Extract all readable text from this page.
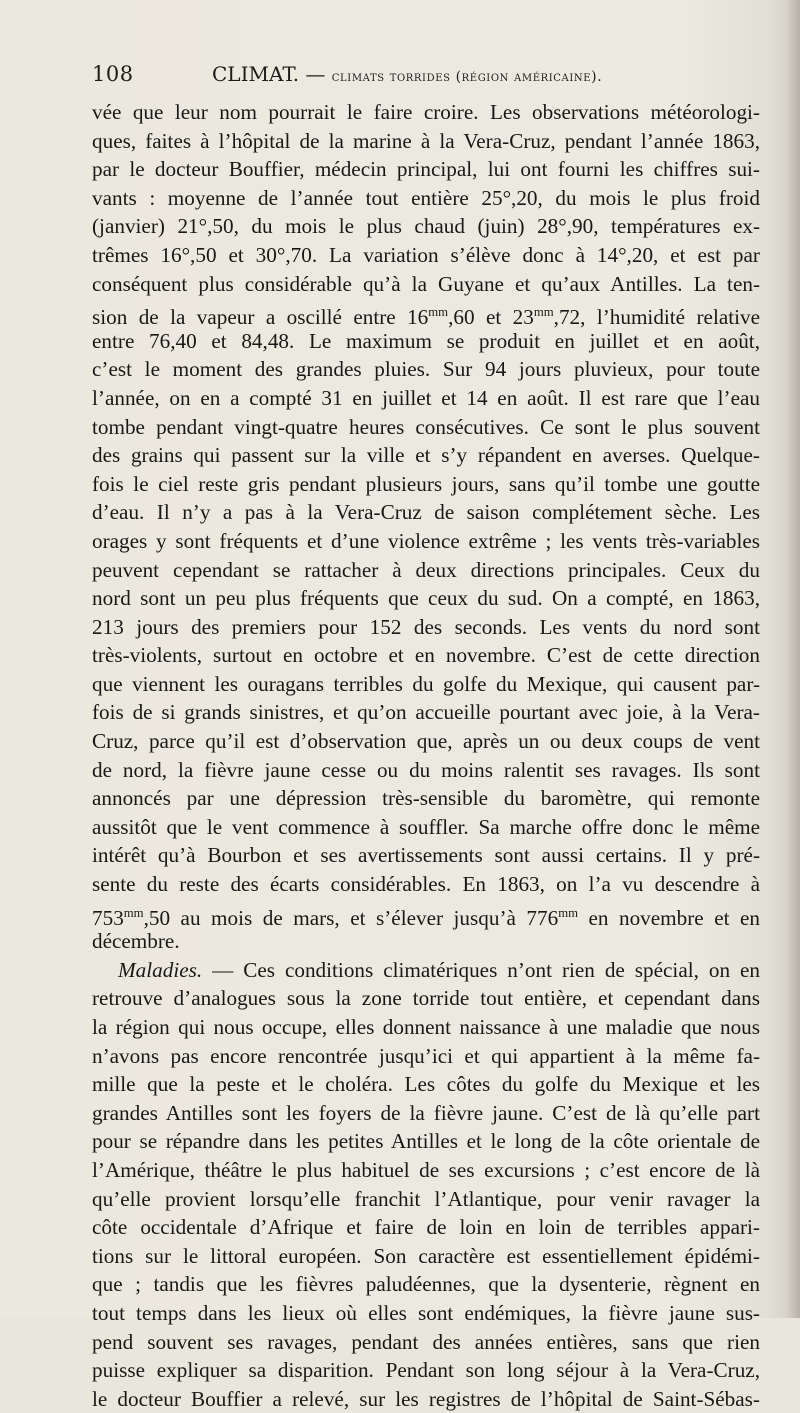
108	CLIMAT. — climats torrides (région américaine).
vée que leur nom pourrait le faire croire. Les observations météorologi-
ques, faites à l’hôpital de la marine à la Vera-Cruz, pendant l’année 1863,
par le docteur Bouffier, médecin principal, lui ont fourni les chiffres sui-
vants : moyenne de l’année tout entière 25°,20, du mois le plus froid
(janvier) 21°,50, du mois le plus chaud (juin) 28°,90, températures ex-
trêmes 16°,50 et 30°,70. La variation s’élève donc à 14°,20, et est par
conséquent plus considérable qu’à la Guyane et qu’aux Antilles. La ten-
sion de la vapeur a oscillé entre $16^{mm},60$ et $23^{mm},72$, l’humidité relative
entre 76,40 et 84,48. Le maximum se produit en juillet et en août,
c’est le moment des grandes pluies. Sur 94 jours pluvieux, pour toute
l’année, on en a compté 31 en juillet et 14 en août. Il est rare que l’eau
tombe pendant vingt-quatre heures consécutives. Ce sont le plus souvent
des grains qui passent sur la ville et s’y répandent en averses. Quelque-
fois le ciel reste gris pendant plusieurs jours, sans qu’il tombe une goutte
d’eau. Il n’y a pas à la Vera-Cruz de saison complétement sèche. Les
orages y sont fréquents et d’une violence extrême ; les vents très-variables
peuvent cependant se rattacher à deux directions principales. Ceux du
nord sont un peu plus fréquents que ceux du sud. On a compté, en 1863,
213 jours des premiers pour 152 des seconds. Les vents du nord sont
très-violents, surtout en octobre et en novembre. C’est de cette direction
que viennent les ouragans terribles du golfe du Mexique, qui causent par-
fois de si grands sinistres, et qu’on accueille pourtant avec joie, à la Vera-
Cruz, parce qu’il est d’observation que, après un ou deux coups de vent
de nord, la fièvre jaune cesse ou du moins ralentit ses ravages. Ils sont
annoncés par une dépression très-sensible du baromètre, qui remonte
aussitôt que le vent commence à souffler. Sa marche offre donc le même
intérêt qu’à Bourbon et ses avertissements sont aussi certains. Il y pré-
sente du reste des écarts considérables. En 1863, on l’a vu descendre à
$753^{mm},50$ au mois de mars, et s’élever jusqu’à $776^{mm}$ en novembre et en
décembre.
Maladies. — Ces conditions climatériques n’ont rien de spécial, on en
retrouve d’analogues sous la zone torride tout entière, et cependant dans
la région qui nous occupe, elles donnent naissance à une maladie que nous
n’avons pas encore rencontrée jusqu’ici et qui appartient à la même fa-
mille que la peste et le choléra. Les côtes du golfe du Mexique et les
grandes Antilles sont les foyers de la fièvre jaune. C’est de là qu’elle part
pour se répandre dans les petites Antilles et le long de la côte orientale de
l’Amérique, théâtre le plus habituel de ses excursions ; c’est encore de là
qu’elle provient lorsqu’elle franchit l’Atlantique, pour venir ravager la
côte occidentale d’Afrique et faire de loin en loin de terribles appari-
tions sur le littoral européen. Son caractère est essentiellement épidémi-
que ; tandis que les fièvres paludéennes, que la dysenterie, règnent en
tout temps dans les lieux où elles sont endémiques, la fièvre jaune sus-
pend souvent ses ravages, pendant des années entières, sans que rien
puisse expliquer sa disparition. Pendant son long séjour à la Vera-Cruz,
le docteur Bouffier a relevé, sur les registres de l’hôpital de Saint-Sébas-
